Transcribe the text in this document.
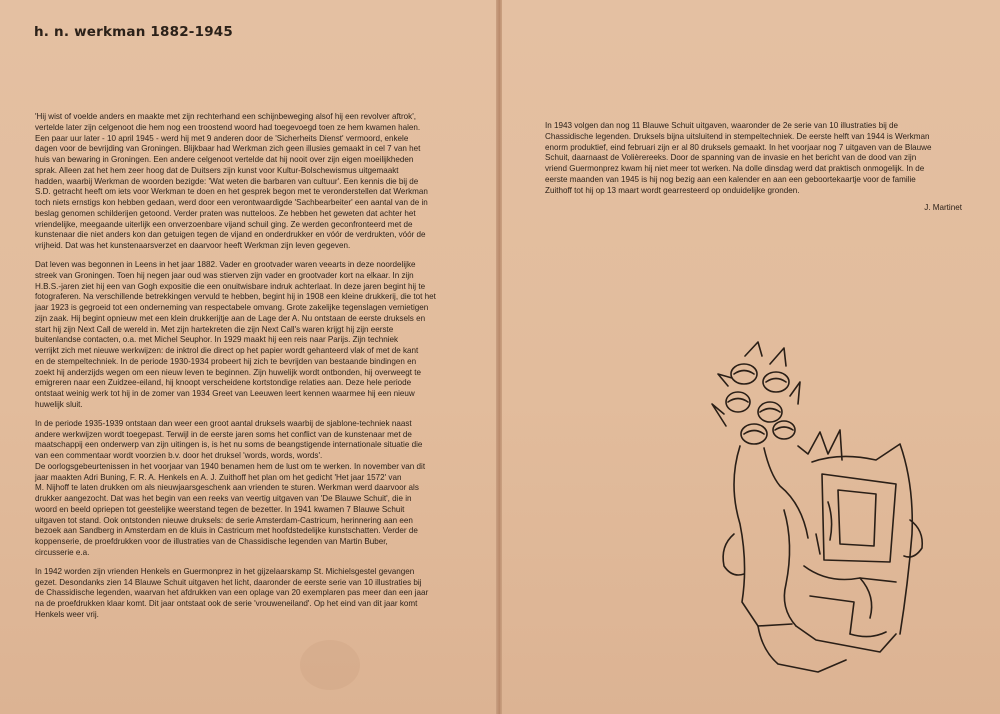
h. n. werkman 1882-1945

'Hij wist of voelde anders en maakte met zijn rechterhand een schijnbeweging alsof hij een revolver aftrok',
vertelde later zijn celgenoot die hem nog een troostend woord had toegevoegd toen ze hem kwamen halen.
Een paar uur later - 10 april 1945 - werd hij met 9 anderen door de 'Sicherheits Dienst' vermoord, enkele
dagen voor de bevrijding van Groningen. Blijkbaar had Werkman zich geen illusies gemaakt in cel 7 van het
huis van bewaring in Groningen. Een andere celgenoot vertelde dat hij nooit over zijn eigen moeilijkheden
sprak. Alleen zat het hem zeer hoog dat de Duitsers zijn kunst voor Kultur-Bolschewismus uitgemaakt
hadden, waarbij Werkman de woorden bezigde: 'Wat weten die barbaren van cultuur'. Een kennis die bij de
S.D. getracht heeft om iets voor Werkman te doen en het gesprek begon met te veronderstellen dat Werkman
toch niets ernstigs kon hebben gedaan, werd door een verontwaardigde 'Sachbearbeiter' een aantal van de in
beslag genomen schilderijen getoond. Verder praten was nutteloos. Ze hebben het geweten dat achter het
vriendelijke, meegaande uiterlijk een onverzoenbare vijand schuil ging. Ze werden geconfronteerd met de
kunstenaar die niet anders kon dan getuigen tegen de vijand en onderdrukker en vóór de verdrukten, vóór de
vrijheid. Dat was het kunstenaarsverzet en daarvoor heeft Werkman zijn leven gegeven.

Dat leven was begonnen in Leens in het jaar 1882. Vader en grootvader waren veearts in deze noordelijke
streek van Groningen. Toen hij negen jaar oud was stierven zijn vader en grootvader kort na elkaar. In zijn
H.B.S.-jaren ziet hij een van Gogh expositie die een onuitwisbare indruk achterlaat. In deze jaren begint hij te
fotograferen. Na verschillende betrekkingen vervuld te hebben, begint hij in 1908 een kleine drukkerij, die tot het
jaar 1923 is gegroeid tot een onderneming van respectabele omvang. Grote zakelijke tegenslagen vernietigen
zijn zaak. Hij begint opnieuw met een klein drukkerijtje aan de Lage der A. Nu ontstaan de eerste druksels en
start hij zijn Next Call de wereld in. Met zijn hartekreten die zijn Next Call's waren krijgt hij zijn eerste
buitenlandse contacten, o.a. met Michel Seuphor. In 1929 maakt hij een reis naar Parijs. Zijn techniek
verrijkt zich met nieuwe werkwijzen: de inktrol die direct op het papier wordt gehanteerd vlak of met de kant
en de stempeltechniek. In de periode 1930-1934 probeert hij zich te bevrijden van bestaande bindingen en
zoekt hij anderzijds wegen om een nieuw leven te beginnen. Zijn huwelijk wordt ontbonden, hij overweegt te
emigreren naar een Zuidzee-eiland, hij knoopt verscheidene kortstondige relaties aan. Deze hele periode
ontstaat weinig werk tot hij in de zomer van 1934 Greet van Leeuwen leert kennen waarmee hij een nieuw
huwelijk sluit.

In de periode 1935-1939 ontstaan dan weer een groot aantal druksels waarbij de sjablone-techniek naast
andere werkwijzen wordt toegepast. Terwijl in de eerste jaren soms het conflict van de kunstenaar met de
maatschappij een onderwerp van zijn uitingen is, is het nu soms de beangstigende internationale situatie die
van een commentaar wordt voorzien b.v. door het druksel 'words, words, words'.
De oorlogsgebeurtenissen in het voorjaar van 1940 benamen hem de lust om te werken. In november van dit
jaar maakten Adri Buning, F. R. A. Henkels en A. J. Zuithoff het plan om het gedicht 'Het jaar 1572' van
M. Nijhoff te laten drukken om als nieuwjaarsgeschenk aan vrienden te sturen. Werkman werd daarvoor als
drukker aangezocht. Dat was het begin van een reeks van veertig uitgaven van 'De Blauwe Schuit', die in
woord en beeld opriepen tot geestelijke weerstand tegen de bezetter. In 1941 kwamen 7 Blauwe Schuit
uitgaven tot stand. Ook ontstonden nieuwe druksels: de serie Amsterdam-Castricum, herinnering aan een
bezoek aan Sandberg in Amsterdam en de kluis in Castricum met hoofdstedelijke kunstschatten. Verder de
koppenserie, de proefdrukken voor de illustraties van de Chassidische legenden van Martin Buber,
circusserie e.a.

In 1942 worden zijn vrienden Henkels en Guermonprez in het gijzelaarskamp St. Michielsgestel gevangen
gezet. Desondanks zien 14 Blauwe Schuit uitgaven het licht, daaronder de eerste serie van 10 illustraties bij
de Chassidische legenden, waarvan het afdrukken van een oplage van 20 exemplaren pas meer dan een jaar
na de proefdrukken klaar komt. Dit jaar ontstaat ook de serie 'vrouweneiland'. Op het eind van dit jaar komt
Henkels weer vrij.

In 1943 volgen dan nog 11 Blauwe Schuit uitgaven, waaronder de 2e serie van 10 illustraties bij de
Chassidische legenden. Druksels bijna uitsluitend in stempeltechniek. De eerste helft van 1944 is Werkman
enorm produktief, eind februari zijn er al 80 druksels gemaakt. In het voorjaar nog 7 uitgaven van de Blauwe
Schuit, daarnaast de Volièrereeks. Door de spanning van de invasie en het bericht van de dood van zijn
vriend Guermonprez kwam hij niet meer tot werken. Na dolle dinsdag werd dat praktisch onmogelijk. In de
eerste maanden van 1945 is hij nog bezig aan een kalender en aan een geboortekaartje voor de familie
Zuithoff tot hij op 13 maart wordt gearresteerd op onduidelijke gronden.

J. Martinet
